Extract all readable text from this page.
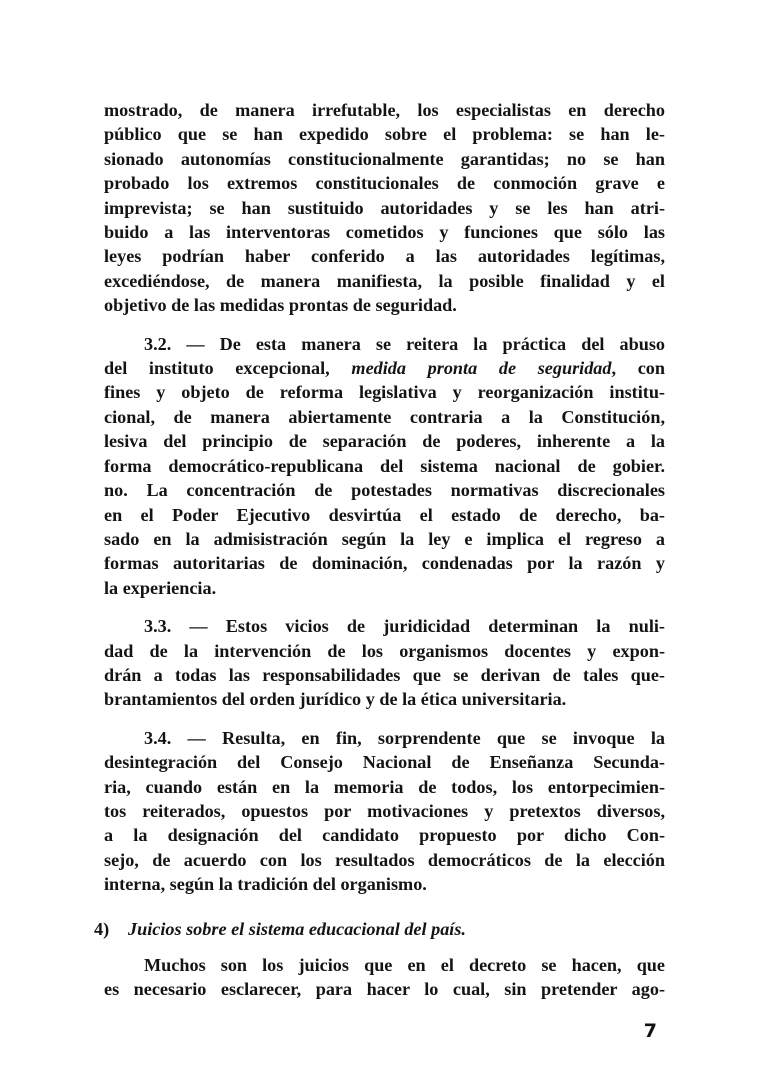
mostrado, de manera irrefutable, los especialistas en derecho
público que se han expedido sobre el problema: se han le-
sionado autonomías constitucionalmente garantidas; no se han
probado los extremos constitucionales de conmoción grave e
imprevista; se han sustituido autoridades y se les han atri-
buido a las interventoras cometidos y funciones que sólo las
leyes podrían haber conferido a las autoridades legítimas,
excediéndose, de manera manifiesta, la posible finalidad y el
objetivo de las medidas prontas de seguridad.
3.2. — De esta manera se reitera la práctica del abuso
del instituto excepcional, medida pronta de seguridad, con
fines y objeto de reforma legislativa y reorganización institu-
cional, de manera abiertamente contraria a la Constitución,
lesiva del principio de separación de poderes, inherente a la
forma democrático-republicana del sistema nacional de gobier.
no. La concentración de potestades normativas discrecionales
en el Poder Ejecutivo desvirtúa el estado de derecho, ba-
sado en la admisistración según la ley e implica el regreso a
formas autoritarias de dominación, condenadas por la razón y
la experiencia.
3.3. — Estos vicios de juridicidad determinan la nuli-
dad de la intervención de los organismos docentes y expon-
drán a todas las responsabilidades que se derivan de tales que-
brantamientos del orden jurídico y de la ética universitaria.
3.4. — Resulta, en fin, sorprendente que se invoque la
desintegración del Consejo Nacional de Enseñanza Secunda-
ria, cuando están en la memoria de todos, los entorpecimien-
tos reiterados, opuestos por motivaciones y pretextos diversos,
a la designación del candidato propuesto por dicho Con-
sejo, de acuerdo con los resultados democráticos de la elección
interna, según la tradición del organismo.
4) Juicios sobre el sistema educacional del país.
Muchos son los juicios que en el decreto se hacen, que
es necesario esclarecer, para hacer lo cual, sin pretender ago-
7
